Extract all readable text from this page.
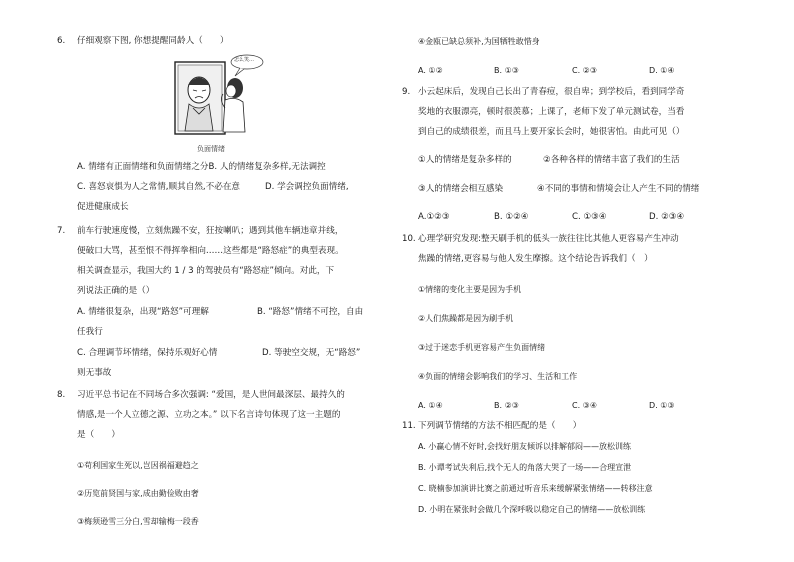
6. 仔细观察下图, 你想提醒同龄人（　　）
怎么笑…
负面情绪
A. 情绪有正面情绪和负面情绪之分B. 人的情绪复杂多样,无法调控
C. 喜怒哀惧为人之常情,顺其自然,不必在意	D. 学会调控负面情绪,
促进健康成长
7. 前车行驶速度慢，立刻焦躁不安，狂按喇叭；遇到其他车辆违章并线，
便破口大骂，甚至恨不得挥拳相向……这些都是“路怒症”的典型表现。
相关调查显示，我国大约 1 / 3 的驾驶员有“路怒症”倾向。对此，下
列说法正确的是（）
A. 情绪很复杂，出现“路怒”可理解	B. “路怒”情绪不可控，自由
任我行
C. 合理调节坏情绪，保持乐观好心情	D. 等驶空交规，无“路怒”
则无事故
8. 习近平总书记在不同场合多次强调: “爱国，是人世间最深层、最持久的
情感,是一个人立德之源、立功之本。” 以下名言诗句体现了这一主题的
是（　　）
①苟利国家生死以,岂因祸福避趋之
②历览前贤国与家,成由勤俭败由奢
③梅须逊雪三分白,雪却输梅一段香
④金瓯已缺总须补,为国牺牲敢惜身
A. ①②	B. ①③	C. ②③	D. ①④
9. 小云起床后，发现自己长出了青春痘，很自卑；到学校后，看到同学奇
奖地的衣服漂亮，顿时很羡慕；上课了，老师下发了单元测试卷，当看
到自己的成绩很差，而且马上要开家长会时，她很害怕。由此可见（）
①人的情绪是复杂多样的	②各种各样的情绪丰富了我们的生活
③人的情绪会相互感染	④不同的事情和情境会让人产生不同的情绪
A.①②③	B. ①②④	C. ①③④	D. ②③④
10. 心理学研究发现:整天刷手机的低头一族往往比其他人更容易产生冲动
焦躁的情绪,更容易与他人发生摩擦。这个结论告诉我们（　）
①情绪的变化主要是因为手机
②人们焦躁都是因为刷手机
③过于迷恋手机更容易产生负面情绪
④负面的情绪会影响我们的学习、生活和工作
A. ①④	B. ②③	C. ③④	D. ①③
11. 下列调节情绪的方法不相匹配的是（　　）
A. 小赢心情不好时,会找好朋友倾诉以排解郁闷——放松训练
B. 小谭考试失利后,找个无人的角落大哭了一场——合理宣泄
C. 晓楠参加演讲比赛之前通过听音乐来缓解紧张情绪——转移注意
D. 小明在紧张时会做几个深呼吸以稳定自己的情绪——放松训练
